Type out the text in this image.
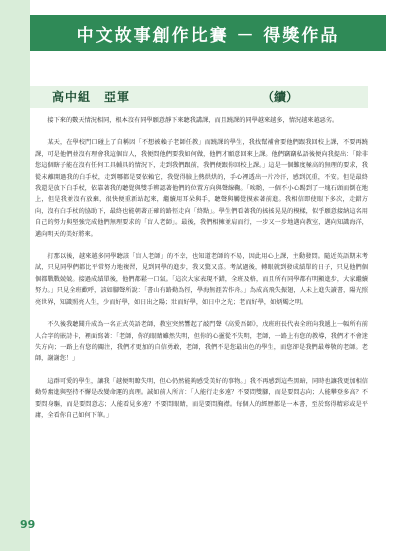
中文故事創作比賽 － 得獎作品
高中組　亞軍	（續）

接下來的數天情況相同，根本沒有同學願意靜下來聽我講課，而且蹺課的同學越來越多，情況越來越惡劣。

某天，在學校門口碰上了自稱因「不想被賴子老師任教」而蹺課的學生，我找幫補會要他們跟我回校上課，不要再蹺課，可是他們並沒有理會我這個盲人，我便問他們要我如何做，他們才願意回來上課。他們竊竊私語後便向我提出：「除非您這個瞎子能在沒有任何工具輔具的情況下，走到我們跟前，我們便跟你回校上課。」這是一個難度極高的無理的要求，我從未離開過我的白手杖，走到哪都是要依賴它，我覺得臉上熱烘烘的，手心裡透出一片冷汗，感到沉重，不安。但是最終我還是放下白手杖，依靠著我的聽覺與雙手辨認著他們的位置方向與聲線鞠。「唉喲，一個不小心踢到了一塊石頭而倒在地上，但是我並沒有放棄，很快便重新站起來，繼續用耳朵與手，聽聲與觸覺摸索著前進。我相信即使眼下多次，走錯方向，沒有白手杖的協助下，最終也能朝著正確的路徑走向「終點」。學生們看著我的搖搖晃晃的模樣，似乎願意接納這名用自己的努力與堅強完成他們無理要求的「盲人老師」。最後，我們相擁並肩而行，一步又一步地邁向教室，邁向知識海洋，邁向明天的美好將來。

打那以後，越來越多同學聽該「盲人老師」的不幸，也知道老師的不易，因此用心上課，主動發問。隨近英語期末考試，只見同學們都比平常努力地複習，見到同學的進步，我又驚又喜。考試過後，轉眼就到發成績單的日子，只見他們個個都戰戰兢兢。接過成績單後，他們都鬆一口氣。「這次大家表現不錯，全班及格，而且所有同學都有明顯進步，大家繼續努力。」只見全班歡呼，該如腳聲所說：「書山有路勤為徑，學海無涯苦作舟。」為成高飛失振翅，人未上進失讀書，陽光照亮世界，知識照亮人生，少而好學，如日出之陽；壯而好學，如日中之光；老而好學，如炳燭之明。

不久後我聽聞升成為一名正式英語老師，教室突然響起了敲門聲《高愛吾師》，戊班班長代表全班向我遞上一幅所有前人合字的嵌詩卡，裡面寫著：「老師，你的眼睛雖然失明，但你的心靈從不失明，老師，一路上有您的教導，我們才不會迷失方向；一路上有您的關注，我們才更加的自信勇敢，老師，我們不是您最出色的學生，而您卻是我們最尊敬的老師。老師，謝謝您！」

這群可愛的學生，讓我「越便明瞭失明，但心仍然能夠感受美好的事物。」我不再感到這些黑暗，同時也讓我更加相信勤勞奮進與堅持不懈是改變命運的真理。誠如前人所言：「人能行走多遠？不要問雙腳，而是要問志向；人能攀登多高？不要問身驅，而是要問意志；人能看見多遠？不要問眼睛，而是要問胸襟。每個人的經歷都是一本書，至於寫得精彩或是平庸，全看你自己如何下筆。」

99
